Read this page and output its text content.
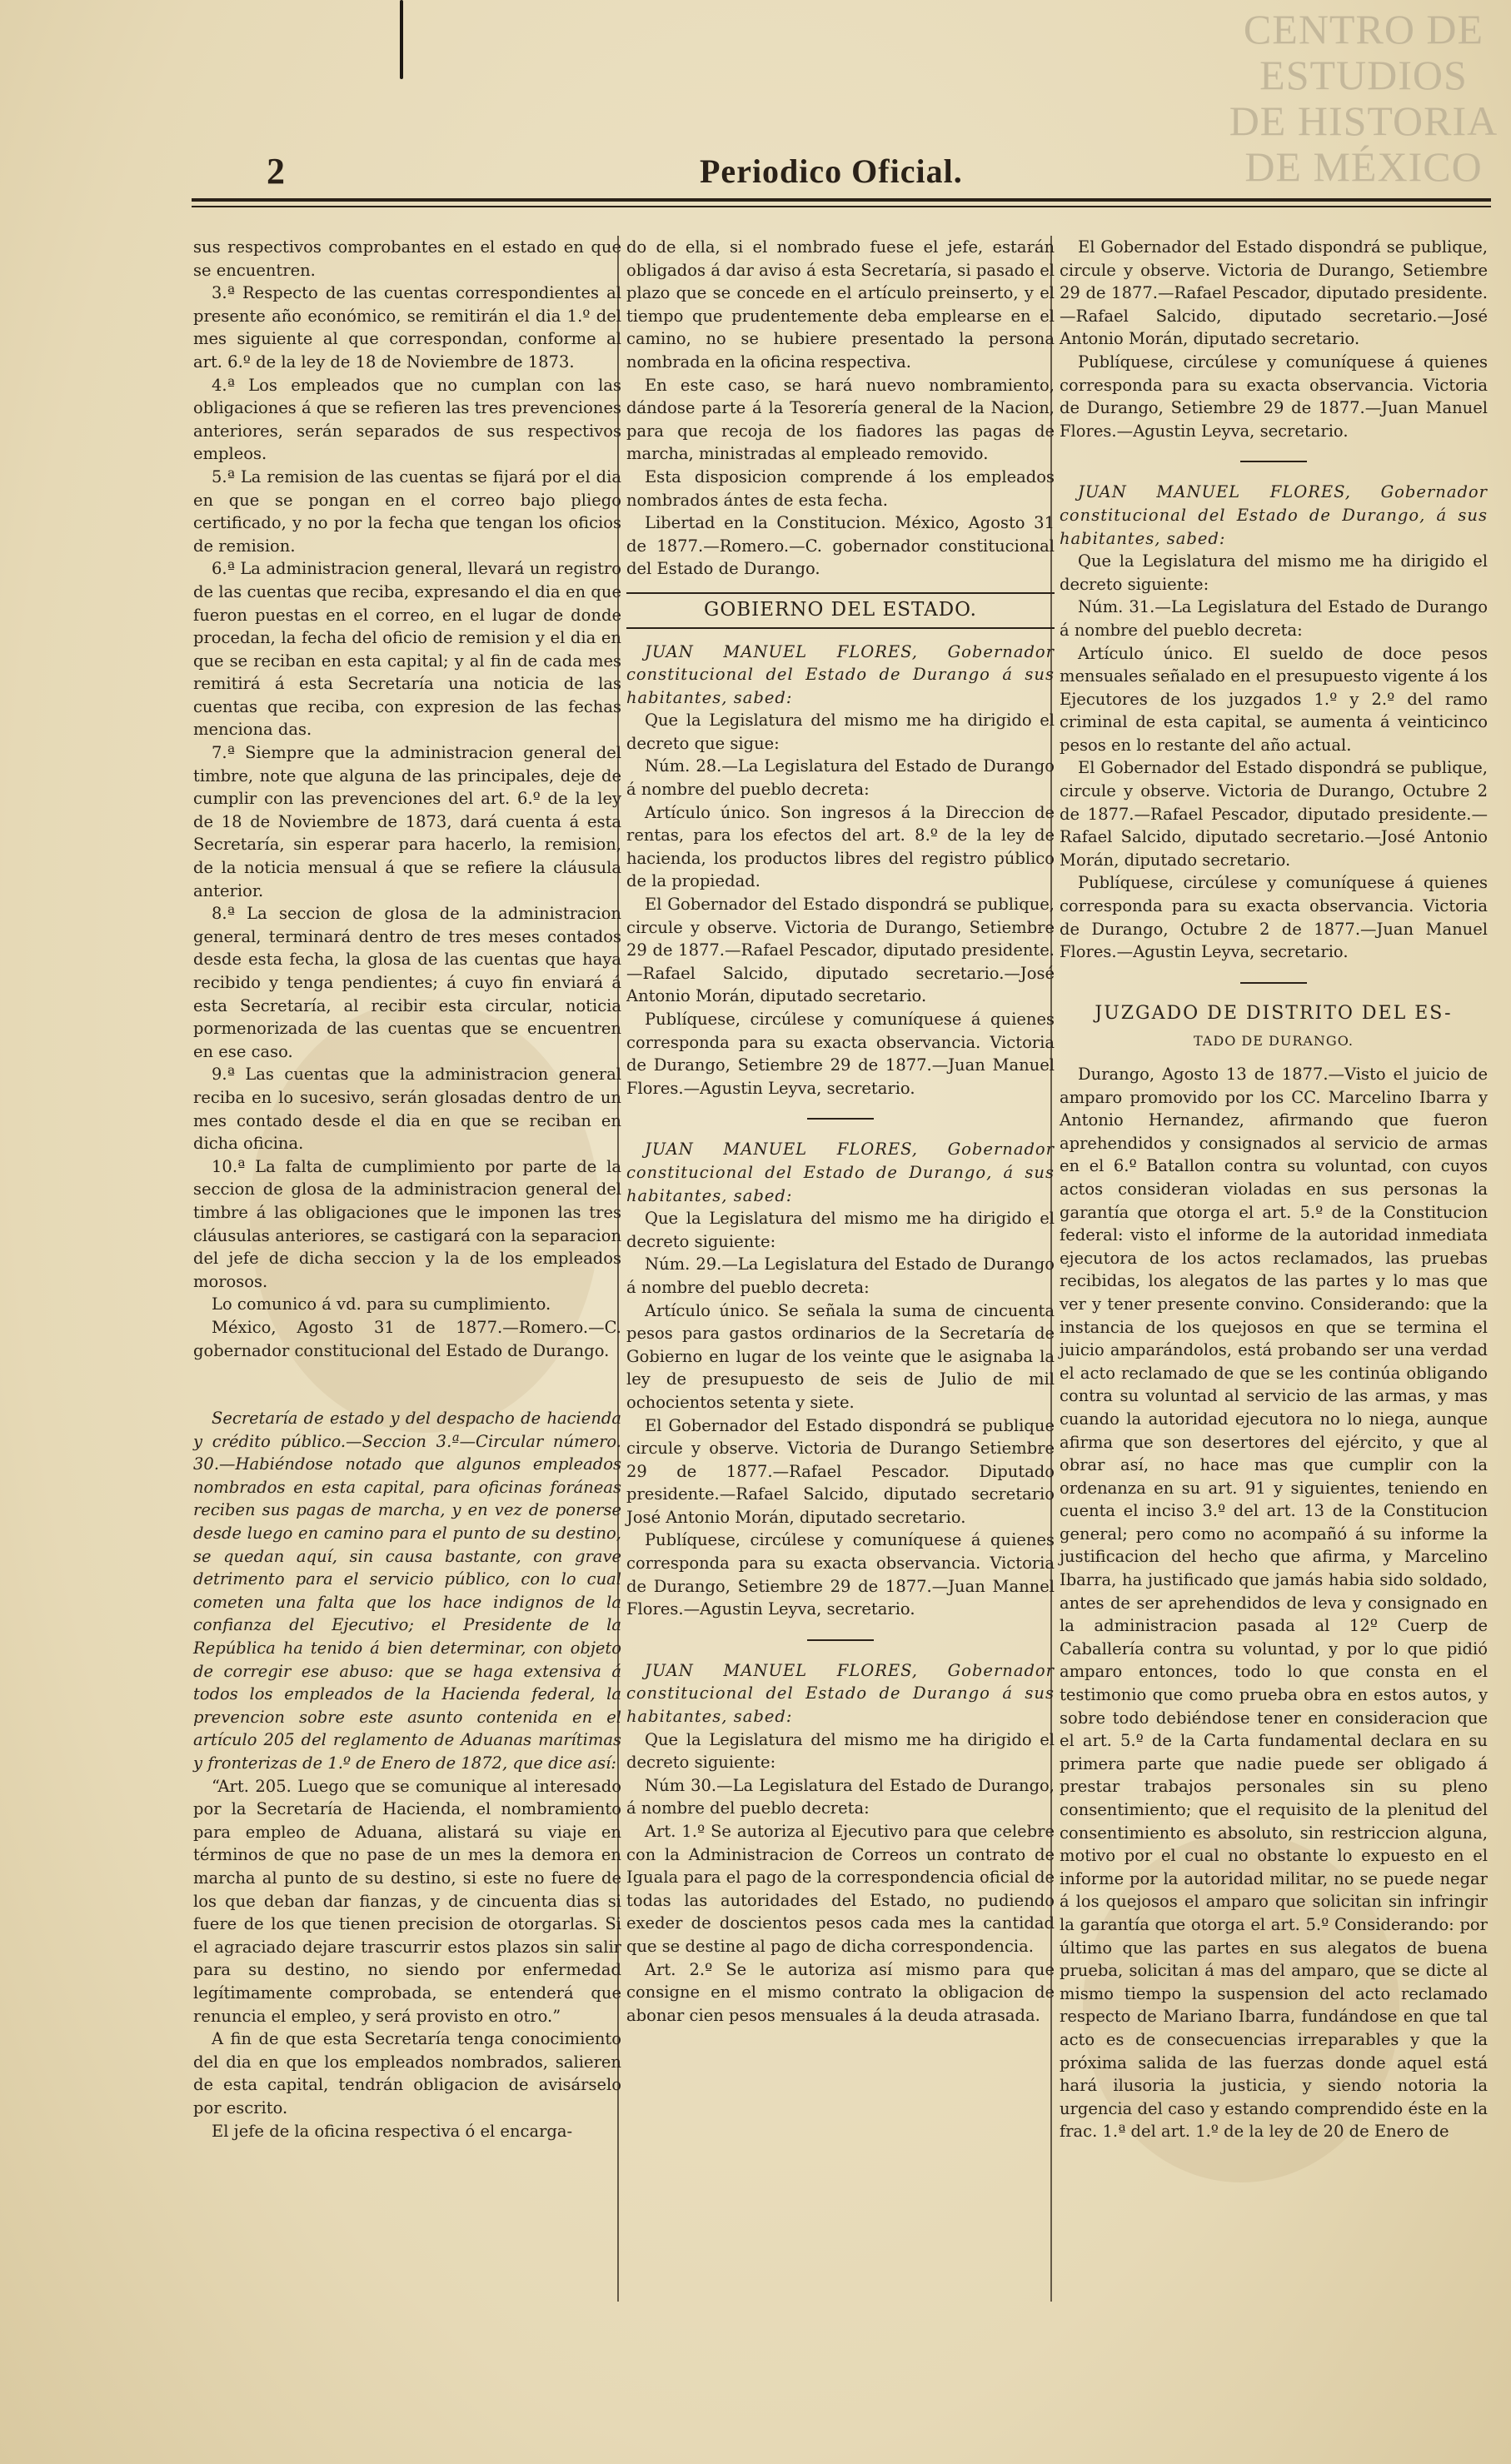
CENTRO DE
ESTUDIOS
DE HISTORIA
DE MÉXICO
2	Periodico Oficial.

sus respectivos comprobantes en el estado en que se encuentren.

3.ª Respecto de las cuentas correspondientes al presente año económico, se remitirán el dia 1.º del mes siguiente al que correspondan, conforme al art. 6.º de la ley de 18 de Noviembre de 1873.

4.ª Los empleados que no cumplan con las obligaciones á que se refieren las tres prevenciones anteriores, serán separados de sus respectivos empleos.

5.ª La remision de las cuentas se fijará por el dia en que se pongan en el correo bajo pliego certificado, y no por la fecha que tengan los oficios de remision.

6.ª La administracion general, llevará un registro de las cuentas que reciba, expresando el dia en que fueron puestas en el correo, en el lugar de donde procedan, la fecha del oficio de remision y el dia en que se reciban en esta capital; y al fin de cada mes remitirá á esta Secretaría una noticia de las cuentas que reciba, con expresion de las fechas menciona das.

7.ª Siempre que la administracion general del timbre, note que alguna de las principales, deje de cumplir con las prevenciones del art. 6.º de la ley de 18 de Noviembre de 1873, dará cuenta á esta Secretaría, sin esperar para hacerlo, la remision, de la noticia mensual á que se refiere la cláusula anterior.

8.ª La seccion de glosa de la administracion general, terminará dentro de tres meses contados desde esta fecha, la glosa de las cuentas que haya recibido y tenga pendientes; á cuyo fin enviará á esta Secretaría, al recibir esta circular, noticia pormenorizada de las cuentas que se encuentren en ese caso.

9.ª Las cuentas que la administracion general reciba en lo sucesivo, serán glosadas dentro de un mes contado desde el dia en que se reciban en dicha oficina.

10.ª La falta de cumplimiento por parte de la seccion de glosa de la administracion general del timbre á las obligaciones que le imponen las tres cláusulas anteriores, se castigará con la separacion del jefe de dicha seccion y la de los empleados morosos.

Lo comunico á vd. para su cumplimiento.

México, Agosto 31 de 1877.—Romero.—C. gobernador constitucional del Estado de Durango.

Secretaría de estado y del despacho de hacienda y crédito público.—Seccion 3.ª—Circular número. 30.—Habiéndose notado que algunos empleados nombrados en esta capital, para oficinas foráneas reciben sus pagas de marcha, y en vez de ponerse desde luego en camino para el punto de su destino, se quedan aquí, sin causa bastante, con grave detrimento para el servicio público, con lo cual cometen una falta que los hace indignos de la confianza del Ejecutivo; el Presidente de la República ha tenido á bien determinar, con objeto de corregir ese abuso: que se haga extensiva á todos los empleados de la Hacienda federal, la prevencion sobre este asunto contenida en el artículo 205 del reglamento de Aduanas marítimas y fronterizas de 1.º de Enero de 1872, que dice así:

“Art. 205. Luego que se comunique al interesado por la Secretaría de Hacienda, el nombramiento para empleo de Aduana, alistará su viaje en términos de que no pase de un mes la demora en marcha al punto de su destino, si este no fuere de los que deban dar fianzas, y de cincuenta dias si fuere de los que tienen precision de otorgarlas. Si el agraciado dejare trascurrir estos plazos sin salir para su destino, no siendo por enfermedad legítimamente comprobada, se entenderá que renuncia el empleo, y será provisto en otro.”

A fin de que esta Secretaría tenga conocimiento del dia en que los empleados nombrados, salieren de esta capital, tendrán obligacion de avisárselo por escrito.

El jefe de la oficina respectiva ó el encarga-

do de ella, si el nombrado fuese el jefe, estarán obligados á dar aviso á esta Secretaría, si pasado el plazo que se concede en el artículo preinserto, y el tiempo que prudentemente deba emplearse en el camino, no se hubiere presentado la persona nombrada en la oficina respectiva.

En este caso, se hará nuevo nombramiento, dándose parte á la Tesorería general de la Nacion, para que recoja de los fiadores las pagas de marcha, ministradas al empleado removido.

Esta disposicion comprende á los empleados nombrados ántes de esta fecha.

Libertad en la Constitucion. México, Agosto 31 de 1877.—Romero.—C. gobernador constitucional del Estado de Durango.

GOBIERNO DEL ESTADO.

JUAN MANUEL FLORES, Gobernador constitucional del Estado de Durango á sus habitantes, sabed:

Que la Legislatura del mismo me ha dirigido el decreto que sigue:

Núm. 28.—La Legislatura del Estado de Durango á nombre del pueblo decreta:

Artículo único. Son ingresos á la Direccion de rentas, para los efectos del art. 8.º de la ley de hacienda, los productos libres del registro público de la propiedad.

El Gobernador del Estado dispondrá se publique, circule y observe. Victoria de Durango, Setiembre 29 de 1877.—Rafael Pescador, diputado presidente.—Rafael Salcido, diputado secretario.—José Antonio Morán, diputado secretario.

Publíquese, circúlese y comuníquese á quienes corresponda para su exacta observancia. Victoria de Durango, Setiembre 29 de 1877.—Juan Manuel Flores.—Agustin Leyva, secretario.

JUAN MANUEL FLORES, Gobernador constitucional del Estado de Durango, á sus habitantes, sabed:

Que la Legislatura del mismo me ha dirigido el decreto siguiente:

Núm. 29.—La Legislatura del Estado de Durango á nombre del pueblo decreta:

Artículo único. Se señala la suma de cincuenta pesos para gastos ordinarios de la Secretaría de Gobierno en lugar de los veinte que le asignaba la ley de presupuesto de seis de Julio de mil ochocientos setenta y siete.

El Gobernador del Estado dispondrá se publique circule y observe. Victoria de Durango Setiembre 29 de 1877.—Rafael Pescador. Diputado presidente.—Rafael Salcido, diputado secretario José Antonio Morán, diputado secretario.

Publíquese, circúlese y comuníquese á quienes corresponda para su exacta observancia. Victoria de Durango, Setiembre 29 de 1877.—Juan Mannel Flores.—Agustin Leyva, secretario.

JUAN MANUEL FLORES, Gobernador constitucional del Estado de Durango á sus habitantes, sabed:

Que la Legislatura del mismo me ha dirigido el decreto siguiente:

Núm 30.—La Legislatura del Estado de Durango, á nombre del pueblo decreta:

Art. 1.º Se autoriza al Ejecutivo para que celebre con la Administracion de Correos un contrato de Iguala para el pago de la correspondencia oficial de todas las autoridades del Estado, no pudiendo exeder de doscientos pesos cada mes la cantidad que se destine al pago de dicha correspondencia.

Art. 2.º Se le autoriza así mismo para que consigne en el mismo contrato la obligacion de abonar cien pesos mensuales á la deuda atrasada.

El Gobernador del Estado dispondrá se publique, circule y observe. Victoria de Durango, Setiembre 29 de 1877.—Rafael Pescador, diputado presidente.—Rafael Salcido, diputado secretario.—José Antonio Morán, diputado secretario.

Publíquese, circúlese y comuníquese á quienes corresponda para su exacta observancia. Victoria de Durango, Setiembre 29 de 1877.—Juan Manuel Flores.—Agustin Leyva, secretario.

JUAN MANUEL FLORES, Gobernador constitucional del Estado de Durango, á sus habitantes, sabed:

Que la Legislatura del mismo me ha dirigido el decreto siguiente:

Núm. 31.—La Legislatura del Estado de Durango á nombre del pueblo decreta:

Artículo único. El sueldo de doce pesos mensuales señalado en el presupuesto vigente á los Ejecutores de los juzgados 1.º y 2.º del ramo criminal de esta capital, se aumenta á veinticinco pesos en lo restante del año actual.

El Gobernador del Estado dispondrá se publique, circule y observe. Victoria de Durango, Octubre 2 de 1877.—Rafael Pescador, diputado presidente.—Rafael Salcido, diputado secretario.—José Antonio Morán, diputado secretario.

Publíquese, circúlese y comuníquese á quienes corresponda para su exacta observancia. Victoria de Durango, Octubre 2 de 1877.—Juan Manuel Flores.—Agustin Leyva, secretario.

JUZGADO DE DISTRITO DEL ES-
TADO DE DURANGO.

Durango, Agosto 13 de 1877.—Visto el juicio de amparo promovido por los CC. Marcelino Ibarra y Antonio Hernandez, afirmando que fueron aprehendidos y consignados al servicio de armas en el 6.º Batallon contra su voluntad, con cuyos actos consideran violadas en sus personas la garantía que otorga el art. 5.º de la Constitucion federal: visto el informe de la autoridad inmediata ejecutora de los actos reclamados, las pruebas recibidas, los alegatos de las partes y lo mas que ver y tener presente convino. Considerando: que la instancia de los quejosos en que se termina el juicio amparándolos, está probando ser una verdad el acto reclamado de que se les continúa obligando contra su voluntad al servicio de las armas, y mas cuando la autoridad ejecutora no lo niega, aunque afirma que son desertores del ejército, y que al obrar así, no hace mas que cumplir con la ordenanza en su art. 91 y siguientes, teniendo en cuenta el inciso 3.º del art. 13 de la Constitucion general; pero como no acompañó á su informe la justificacion del hecho que afirma, y Marcelino Ibarra, ha justificado que jamás habia sido soldado, antes de ser aprehendidos de leva y consignado en la administracion pasada al 12º Cuerp de Caballería contra su voluntad, y por lo que pidió amparo entonces, todo lo que consta en el testimonio que como prueba obra en estos autos, y sobre todo debiéndose tener en consideracion que el art. 5.º de la Carta fundamental declara en su primera parte que nadie puede ser obligado á prestar trabajos personales sin su pleno consentimiento; que el requisito de la plenitud del consentimiento es absoluto, sin restriccion alguna, motivo por el cual no obstante lo expuesto en el informe por la autoridad militar, no se puede negar á los quejosos el amparo que solicitan sin infringir la garantía que otorga el art. 5.º Considerando: por último que las partes en sus alegatos de buena prueba, solicitan á mas del amparo, que se dicte al mismo tiempo la suspension del acto reclamado respecto de Mariano Ibarra, fundándose en que tal acto es de consecuencias irreparables y que la próxima salida de las fuerzas donde aquel está hará ilusoria la justicia, y siendo notoria la urgencia del caso y estando comprendido éste en la frac. 1.ª del art. 1.º de la ley de 20 de Enero de
